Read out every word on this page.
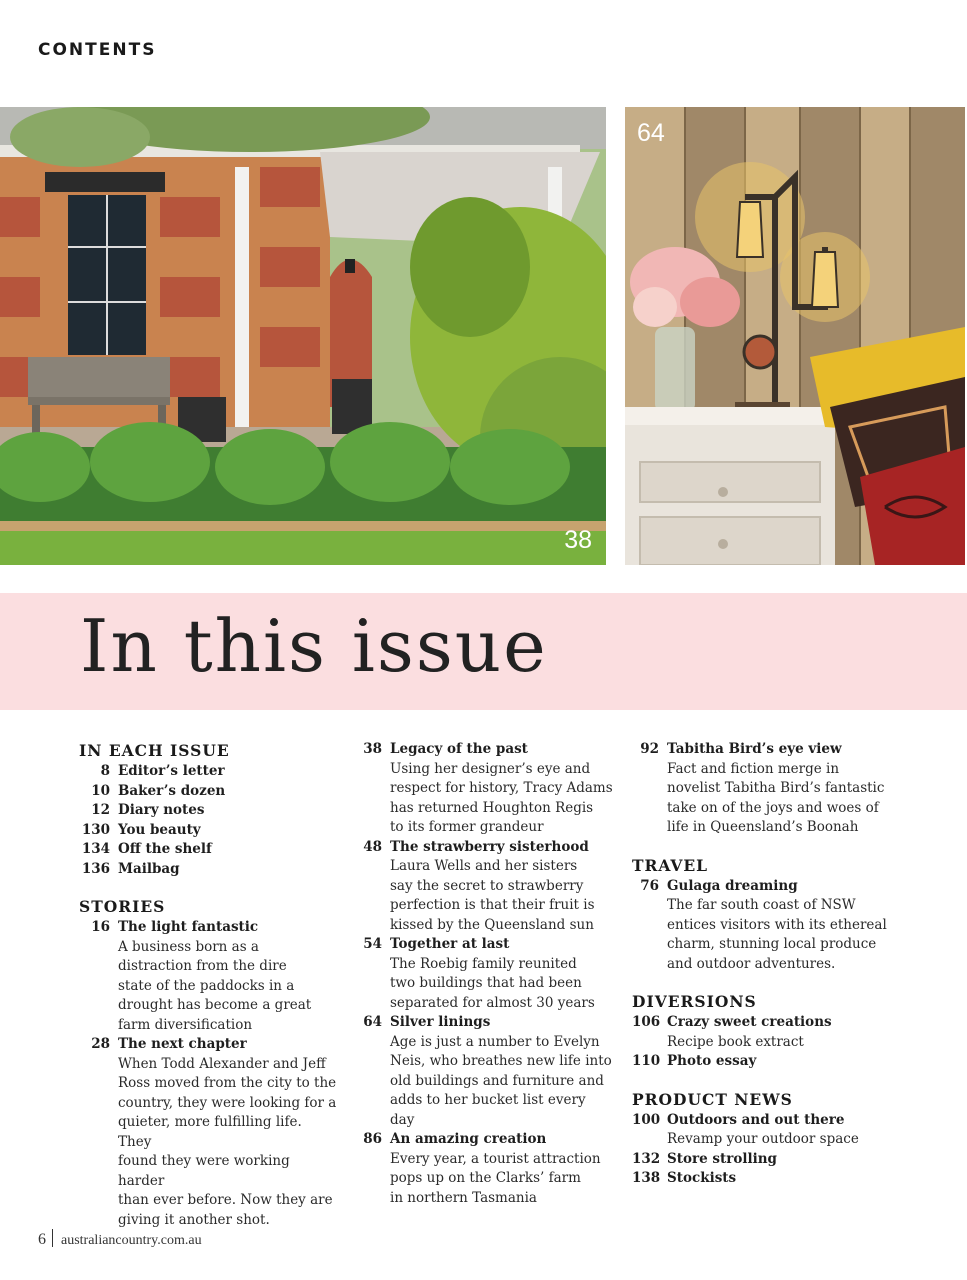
CONTENTS
38
64
In this issue
IN EACH ISSUE
8 Editor’s letter
10 Baker’s dozen
12 Diary notes
130 You beauty
134 Off the shelf
136 Mailbag
STORIES
16 The light fantastic
A business born as a
distraction from the dire
state of the paddocks in a
drought has become a great
farm diversification
28 The next chapter
When Todd Alexander and Jeff
Ross moved from the city to the
country, they were looking for a
quieter, more fulfilling life. They
found they were working harder
than ever before. Now they are
giving it another shot.
38 Legacy of the past
Using her designer’s eye and
respect for history, Tracy Adams
has returned Houghton Regis
to its former grandeur
48 The strawberry sisterhood
Laura Wells and her sisters
say the secret to strawberry
perfection is that their fruit is
kissed by the Queensland sun
54 Together at last
The Roebig family reunited
two buildings that had been
separated for almost 30 years
64 Silver linings
Age is just a number to Evelyn
Neis, who breathes new life into
old buildings and furniture and
adds to her bucket list every day
86 An amazing creation
Every year, a tourist attraction
pops up on the Clarks’ farm
in northern Tasmania
92 Tabitha Bird’s eye view
Fact and fiction merge in
novelist Tabitha Bird’s fantastic
take on of the joys and woes of
life in Queensland’s Boonah
TRAVEL
76 Gulaga dreaming
The far south coast of NSW
entices visitors with its ethereal
charm, stunning local produce
and outdoor adventures.
DIVERSIONS
106 Crazy sweet creations
Recipe book extract
110 Photo essay
PRODUCT NEWS
100 Outdoors and out there
Revamp your outdoor space
132 Store strolling
138 Stockists
6 australiancountry.com.au
